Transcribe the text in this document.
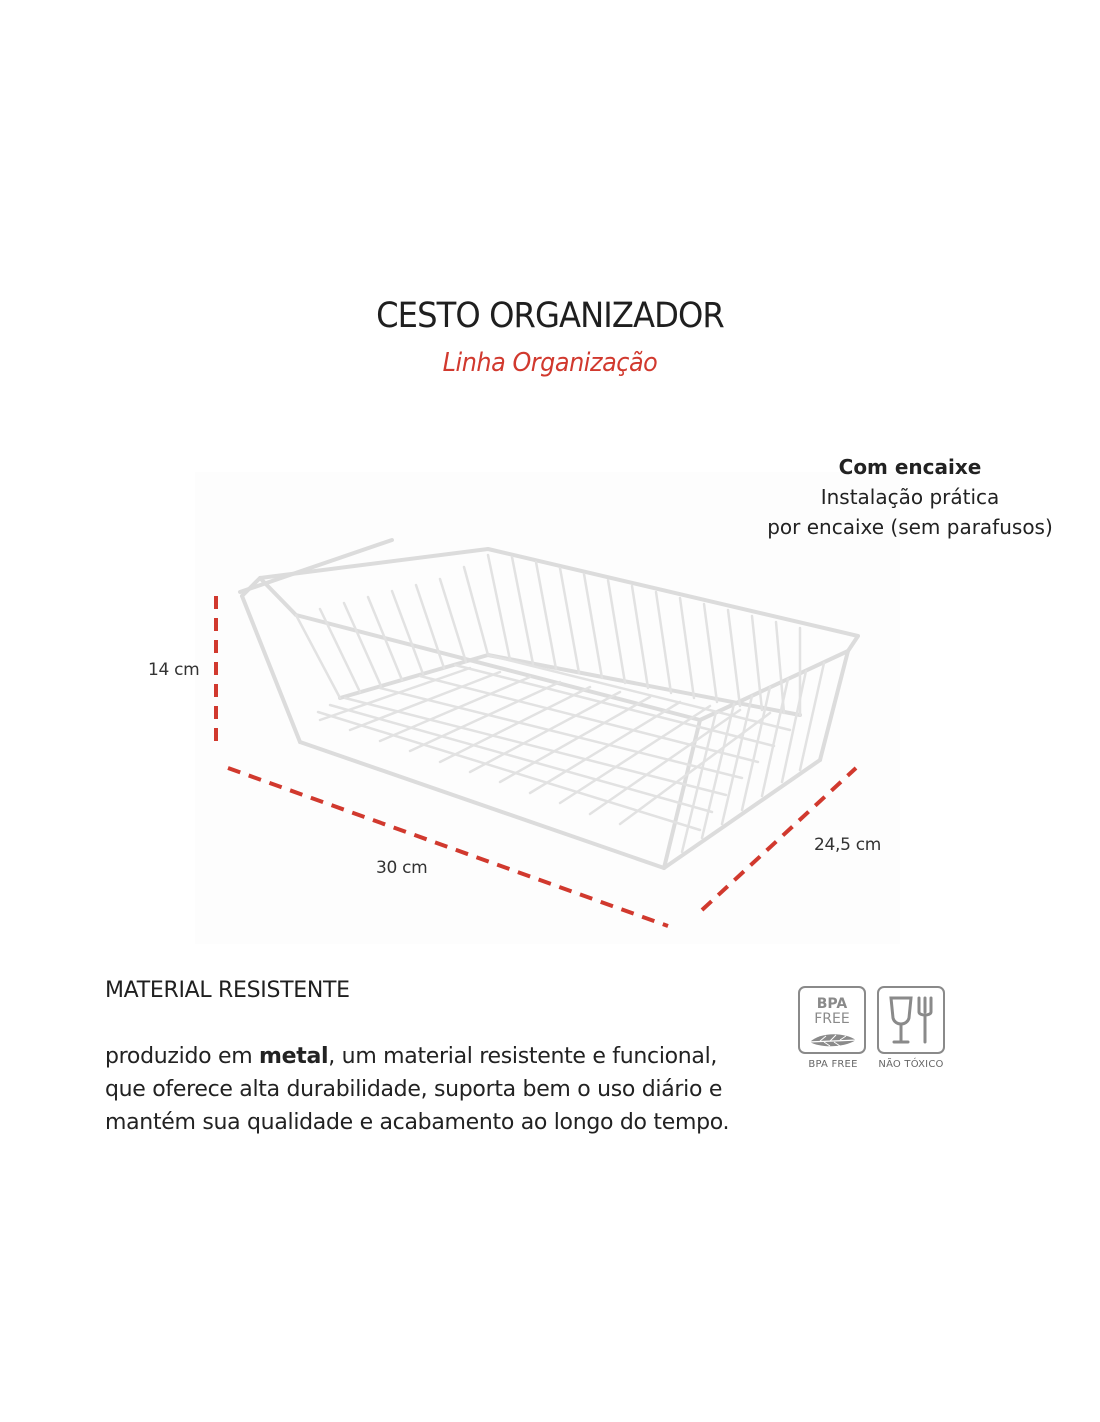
CESTO ORGANIZADOR
Linha Organização
Com encaixe
Instalação prática
por encaixe (sem parafusos)
14 cm
30 cm
24,5 cm
MATERIAL RESISTENTE
produzido em metal, um material resistente e funcional, que oferece alta durabilidade, suporta bem o uso diário e mantém sua qualidade e acabamento ao longo do tempo.
BPA
FREE
BPA FREE	NÃO TÓXICO
